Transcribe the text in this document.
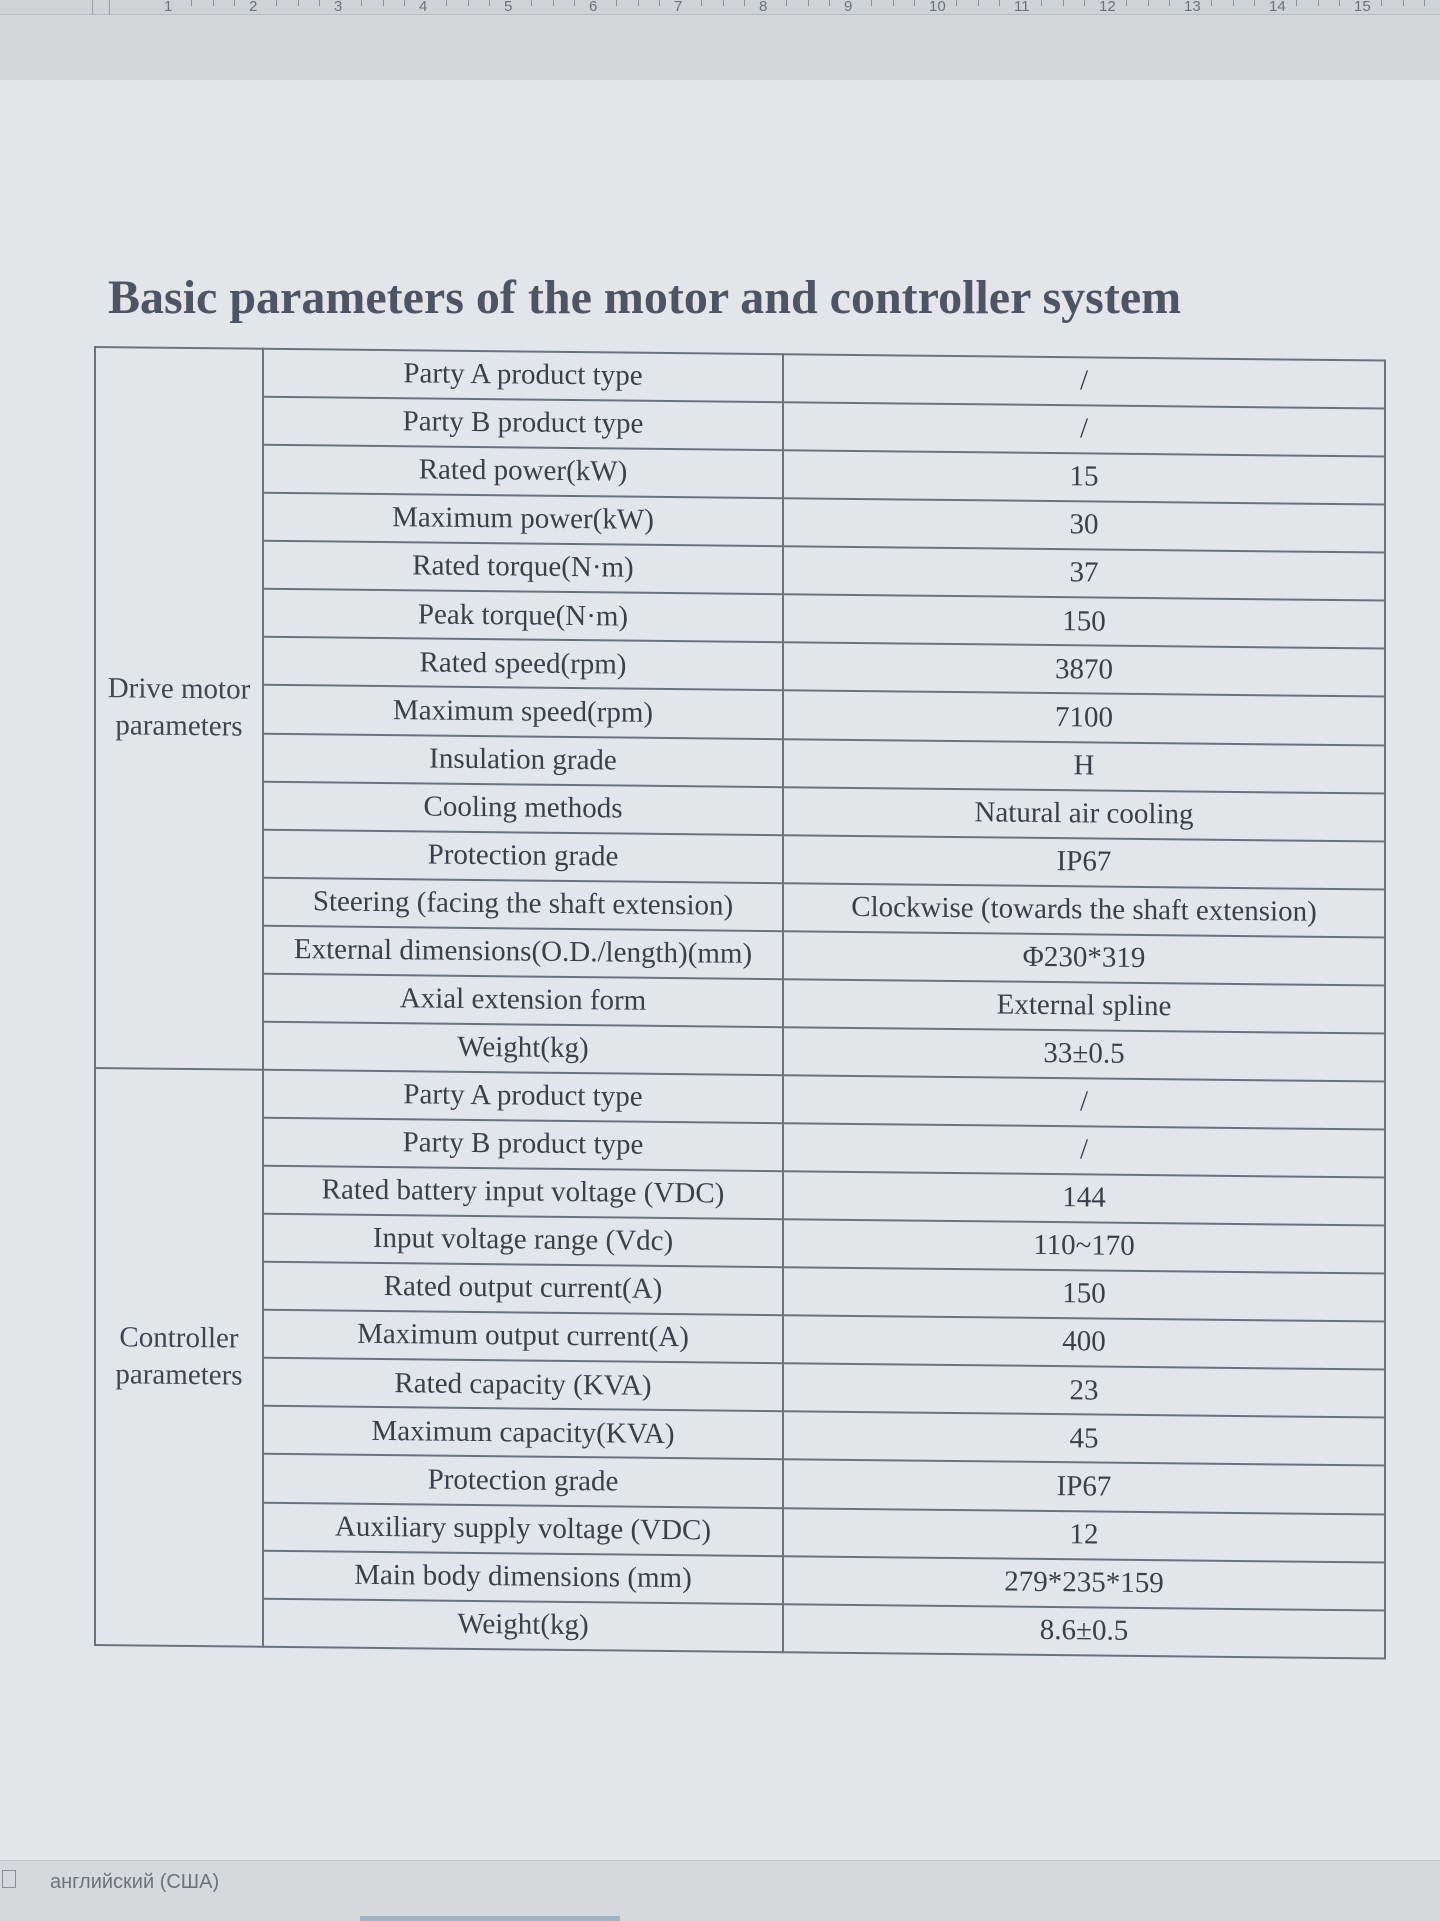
1	2	3	4	5	6	7	8	9	10	11	12	13	14	15
Basic parameters of the motor and controller system
Drive motor parameters	Party A product type	/
	Party B product type	/
	Rated power(kW)	15
	Maximum power(kW)	30
	Rated torque(N·m)	37
	Peak torque(N·m)	150
	Rated speed(rpm)	3870
	Maximum speed(rpm)	7100
	Insulation grade	H
	Cooling methods	Natural air cooling
	Protection grade	IP67
	Steering (facing the shaft extension)	Clockwise (towards the shaft extension)
	External dimensions(O.D./length)(mm)	Φ230*319
	Axial extension form	External spline
	Weight(kg)	33±0.5
Controller parameters	Party A product type	/
	Party B product type	/
	Rated battery input voltage (VDC)	144
	Input voltage range (Vdc)	110~170
	Rated output current(A)	150
	Maximum output current(A)	400
	Rated capacity (KVA)	23
	Maximum capacity(KVA)	45
	Protection grade	IP67
	Auxiliary supply voltage (VDC)	12
	Main body dimensions (mm)	279*235*159
	Weight(kg)	8.6±0.5
английский (США)
